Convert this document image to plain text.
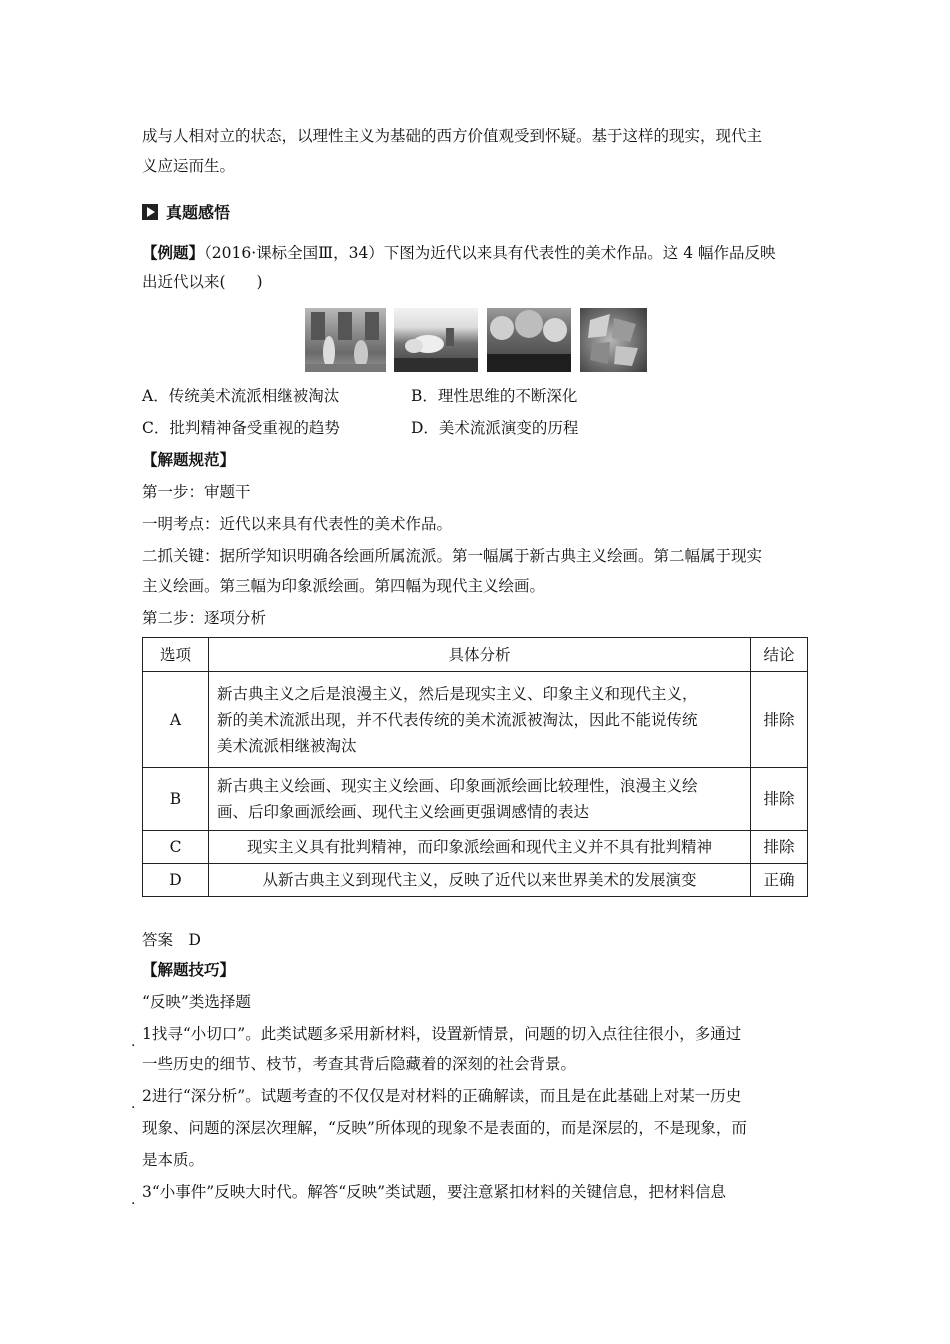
成与人相对立的状态，以理性主义为基础的西方价值观受到怀疑。基于这样的现实，现代主
义应运而生。
真题感悟
【例题】（2016·课标全国Ⅲ，34）下图为近代以来具有代表性的美术作品。这 4 幅作品反映
出近代以来(　　)
A．传统美术流派相继被淘汰	B．理性思维的不断深化
C．批判精神备受重视的趋势	D．美术流派演变的历程
【解题规范】
第一步：审题干
一明考点：近代以来具有代表性的美术作品。
二抓关键：据所学知识明确各绘画所属流派。第一幅属于新古典主义绘画。第二幅属于现实
主义绘画。第三幅为印象派绘画。第四幅为现代主义绘画。
第二步：逐项分析
选项	具体分析	结论
A	新古典主义之后是浪漫主义，然后是现实主义、印象主义和现代主义，
新的美术流派出现，并不代表传统的美术流派被淘汰，因此不能说传统
美术流派相继被淘汰	排除
B	新古典主义绘画、现实主义绘画、印象画派绘画比较理性，浪漫主义绘
画、后印象画派绘画、现代主义绘画更强调感情的表达	排除
C	现实主义具有批判精神，而印象派绘画和现代主义并不具有批判精神	排除
D	从新古典主义到现代主义，反映了近代以来世界美术的发展演变	正确
答案　D
【解题技巧】
“反映”类选择题
. 1找寻“小切口”。此类试题多采用新材料，设置新情景，问题的切入点往往很小，多通过
一些历史的细节、枝节，考查其背后隐藏着的深刻的社会背景。
. 2进行“深分析”。试题考查的不仅仅是对材料的正确解读，而且是在此基础上对某一历史
现象、问题的深层次理解，“反映”所体现的现象不是表面的，而是深层的，不是现象，而
是本质。
. 3“小事件”反映大时代。解答“反映”类试题，要注意紧扣材料的关键信息，把材料信息
